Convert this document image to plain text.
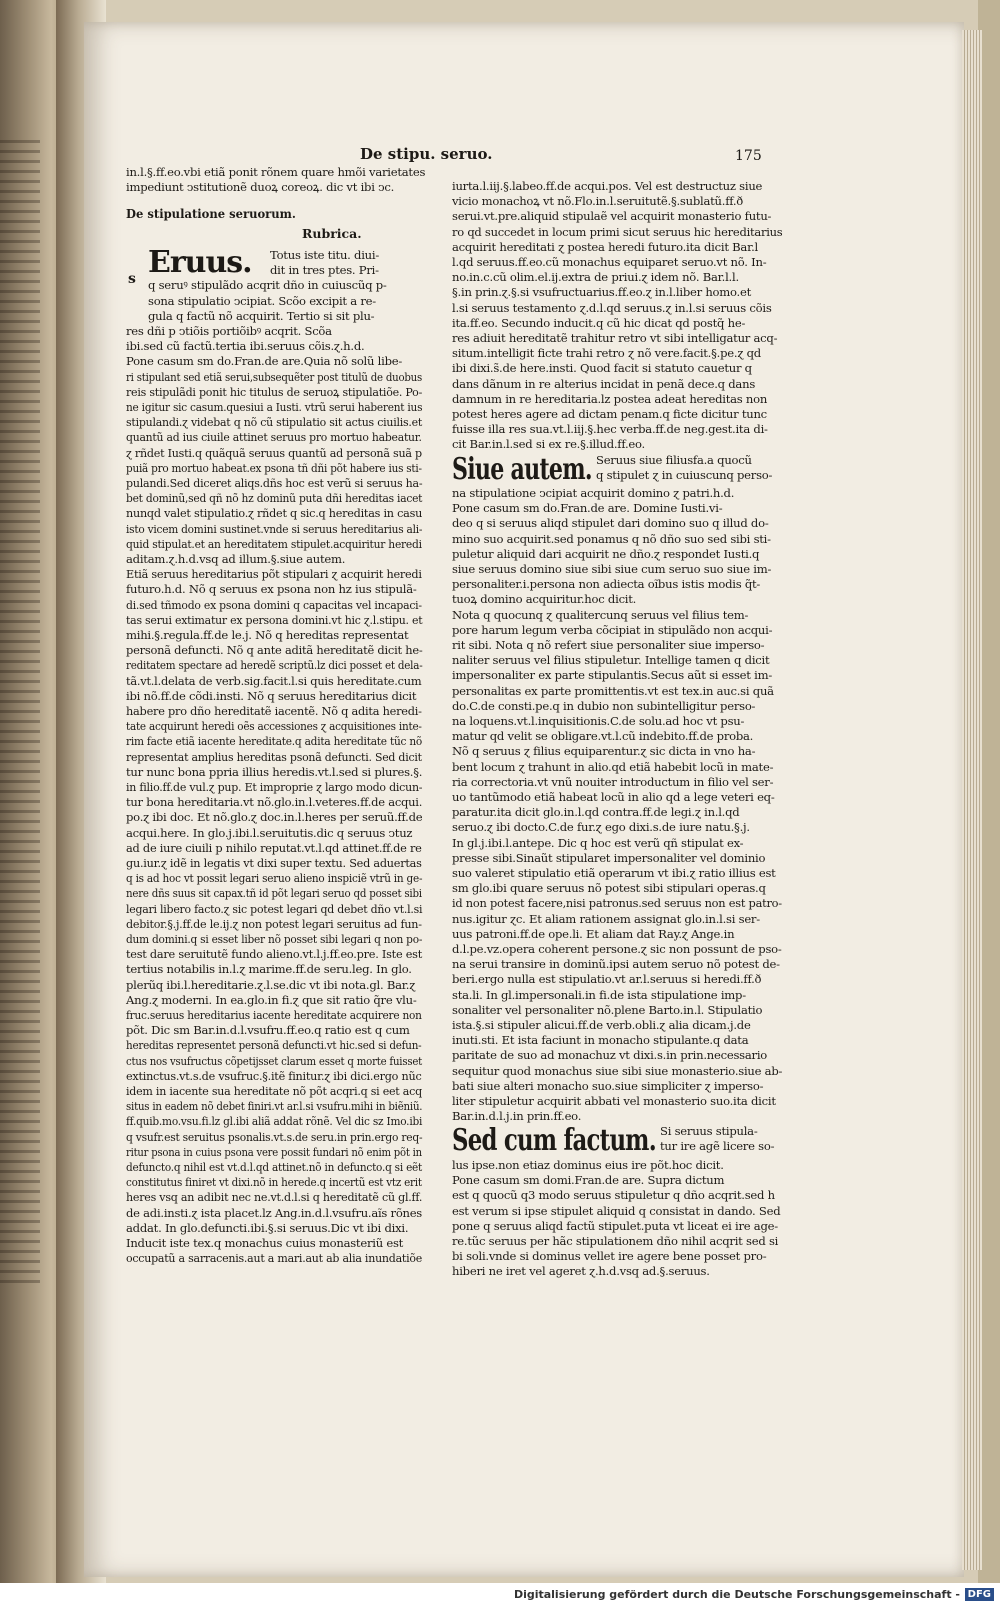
De stipu. seruo.	175
in.l.§.ff.eo.vbi etiã ponit rõnem quare hmõi varietates
impediunt ↄstitutionẽ duoꝝ coreoꝝ. dic vt ibi ↄc.
De stipulatione seruorum.
Rubrica.
Eruus.
s
Totus iste titu. diui-
dit in tres ptes. Pri-
q seruꝰ stipulãdo acqrit dño in cuiuscũq p-
sona stipulatio ↄcipiat. Scõo excipit a re-
gula q factũ nõ acquirit. Tertio si sit plu-
res dñi p ↄtiõis portiõibꝰ acqrit. Scõa
ibi.sed cũ factũ.tertia ibi.seruus cõis.ɀ.h.d.
Pone casum sm do.Fran.de are.Quia nõ solũ libe-
ri stipulant sed etiã serui,subsequẽter post titulũ de duobus
reis stipulãdi ponit hic titulus de seruoꝝ stipulatiõe. Po-
ne igitur sic casum.quesiui a Iusti. vtrũ serui haberent ius
stipulandi.ɀ videbat q nõ cũ stipulatio sit actus ciuilis.et
quantũ ad ius ciuile attinet seruus pro mortuo habeatur.
ɀ rñdet Iusti.q quãquã seruus quantũ ad personã suã p
puiã pro mortuo habeat.ex psona tñ dñi põt habere ius sti-
pulandi.Sed diceret aliqs.dñs hoc est verũ si seruus ha-
bet dominũ,sed qñ nõ hz dominũ puta dñi hereditas iacet
nunqd valet stipulatio.ɀ rñdet q sic.q hereditas in casu
isto vicem domini sustinet.vnde si seruus hereditarius ali-
quid stipulat.et an hereditatem stipulet.acquiritur heredi
aditam.ɀ.h.d.vsq ad illum.§.siue autem.
Etiã seruus hereditarius põt stipulari ɀ acquirit heredi
futuro.h.d. Nõ q seruus ex psona non hz ius stipulã-
di.sed tñmodo ex psona domini q capacitas vel incapaci-
tas serui extimatur ex persona domini.vt hic ɀ.l.stipu. et
mihi.§.regula.ff.de le.j. Nõ q hereditas representat
personã defuncti. Nõ q ante aditã hereditatẽ dicit he-
reditatem spectare ad heredẽ scriptũ.lz dici posset et dela-
tã.vt.l.delata de verb.sig.facit.l.si quis hereditate.cum
ibi nõ.ff.de cõdi.insti. Nõ q seruus hereditarius dicit
habere pro dño hereditatẽ iacentẽ. Nõ q adita heredi-
tate acquirunt heredi oẽs accessiones ɀ acquisitiones inte-
rim facte etiã iacente hereditate.q adita hereditate tũc nõ
representat amplius hereditas psonã defuncti. Sed dicit
tur nunc bona ppria illius heredis.vt.l.sed si plures.§.
in filio.ff.de vul.ɀ pup. Et improprie ɀ largo modo dicun-
tur bona hereditaria.vt nõ.glo.in.l.veteres.ff.de acqui.
po.ɀ ibi doc. Et nõ.glo.ɀ doc.in.l.heres per seruũ.ff.de
acqui.here. In glo.j.ibi.l.seruitutis.dic q seruus ↄtuz
ad de iure ciuili p nihilo reputat.vt.l.qd attinet.ff.de re
gu.iur.ɀ idẽ in legatis vt dixi super textu. Sed aduertas
q is ad hoc vt possit legari seruo alieno inspiciẽ vtrũ in ge-
nere dñs suus sit capax.tñ id põt legari seruo qd posset sibi
legari libero facto.ɀ sic potest legari qd debet dño vt.l.si
debitor.§.j.ff.de le.ij.ɀ non potest legari seruitus ad fun-
dum domini.q si esset liber nõ posset sibi legari q non po-
test dare seruitutẽ fundo alieno.vt.l.j.ff.eo.pre. Iste est
tertius notabilis in.l.ɀ marime.ff.de seru.leg. In glo.
plerũq ibi.l.hereditarie.ɀ.l.se.dic vt ibi nota.gl. Bar.ɀ
Ang.ɀ moderni. In ea.glo.in fi.ɀ que sit ratio q̃re vlu-
fruc.seruus hereditarius iacente hereditate acquirere non
põt. Dic sm Bar.in.d.l.vsufru.ff.eo.q ratio est q cum
hereditas representet personã defuncti.vt hic.sed si defun-
ctus nos vsufructus cõpetijsset clarum esset q morte fuisset
extinctus.vt.s.de vsufruc.§.itẽ finitur.ɀ ibi dici.ergo nũc
idem in iacente sua hereditate nõ põt acqri.q si eet acq
situs in eadem nõ debet finiri.vt ar.l.si vsufru.mihi in biẽniũ.
ff.quib.mo.vsu.fi.lz gl.ibi aliã addat rõnẽ. Vel dic sz Imo.ibi
q vsufr.est seruitus psonalis.vt.s.de seru.in prin.ergo req-
ritur psona in cuius psona vere possit fundari nõ enim põt in
defuncto.q nihil est vt.d.l.qd attinet.nõ in defuncto.q si eẽt
constitutus finiret vt dixi.nõ in herede.q incertũ est vtz erit
heres vsq an adibit nec ne.vt.d.l.si q hereditatẽ cũ gl.ff.
de adi.insti.ɀ ista placet.lz Ang.in.d.l.vsufru.aĩs rõnes
addat. In glo.defuncti.ibi.§.si seruus.Dic vt ibi dixi.
Inducit iste tex.q monachus cuius monasteriũ est
occupatũ a sarracenis.aut a mari.aut ab alia inundatiõe
iurta.l.iij.§.labeo.ff.de acqui.pos. Vel est destructuz siue
vicio monachoꝝ vt nõ.Flo.in.l.seruitutẽ.§.sublatũ.ff.ð
serui.vt.pre.aliquid stipulaẽ vel acquirit monasterio futu-
ro qd succedet in locum primi sicut seruus hic hereditarius
acquirit hereditati ɀ postea heredi futuro.ita dicit Bar.l
l.qd seruus.ff.eo.cũ monachus equiparet seruo.vt nõ. In-
no.in.c.cũ olim.el.ij.extra de priui.ɀ idem nõ. Bar.l.l.
§.in prin.ɀ.§.si vsufructuarius.ff.eo.ɀ in.l.liber homo.et
l.si seruus testamento ɀ.d.l.qd seruus.ɀ in.l.si seruus cõis
ita.ff.eo. Secundo inducit.q cũ hic dicat qd postq̃ he-
res adiuit hereditatẽ trahitur retro vt sibi intelligatur acq-
situm.intelligit ficte trahi retro ɀ nõ vere.facit.§.pe.ɀ qd
ibi dixi.s̃.de here.insti. Quod facit si statuto cauetur q
dans dãnum in re alterius incidat in penã dece.q dans
damnum in re hereditaria.lz postea adeat hereditas non
potest heres agere ad dictam penam.q ficte dicitur tunc
fuisse illa res sua.vt.l.iij.§.hec verba.ff.de neg.gest.ita di-
cit Bar.in.l.sed si ex re.§.illud.ff.eo.
Siue autem. Seruus siue filiusfa.a quocũ
q stipulet ɀ in cuiuscunq perso-
na stipulatione ↄcipiat acquirit domino ɀ patri.h.d.
Pone casum sm do.Fran.de are. Domine Iusti.vi-
deo q si seruus aliqd stipulet dari domino suo q illud do-
mino suo acquirit.sed ponamus q nõ dño suo sed sibi sti-
puletur aliquid dari acquirit ne dño.ɀ respondet Iusti.q
siue seruus domino siue sibi siue cum seruo suo siue im-
personaliter.i.persona non adiecta oĩbus istis modis q̃t-
tuoꝝ domino acquiritur.hoc dicit.
Nota q quocunq ɀ qualitercunq seruus vel filius tem-
pore harum legum verba cõcipiat in stipulãdo non acqui-
rit sibi. Nota q nõ refert siue personaliter siue imperso-
naliter seruus vel filius stipuletur. Intellige tamen q dicit
impersonaliter ex parte stipulantis.Secus aũt si esset im-
personalitas ex parte promittentis.vt est tex.in auc.si quã
do.C.de consti.pe.q in dubio non subintelligitur perso-
na loquens.vt.l.inquisitionis.C.de solu.ad hoc vt psu-
matur qd velit se obligare.vt.l.cũ indebito.ff.de proba.
Nõ q seruus ɀ filius equiparentur.ɀ sic dicta in vno ha-
bent locum ɀ trahunt in alio.qd etiã habebit locũ in mate-
ria correctoria.vt vnũ nouiter introductum in filio vel ser-
uo tantũmodo etiã habeat locũ in alio qd a lege veteri eq-
paratur.ita dicit glo.in.l.qd contra.ff.de legi.ɀ in.l.qd
seruo.ɀ ibi docto.C.de fur.ɀ ego dixi.s.de iure natu.§.j.
In gl.j.ibi.l.antepe. Dic q hoc est verũ qñ stipulat ex-
presse sibi.Sinaũt stipularet impersonaliter vel dominio
suo valeret stipulatio etiã operarum vt ibi.ɀ ratio illius est
sm glo.ibi quare seruus nõ potest sibi stipulari operas.q
id non potest facere,nisi patronus.sed seruus non est patro-
nus.igitur ɀc. Et aliam rationem assignat glo.in.l.si ser-
uus patroni.ff.de ope.li. Et aliam dat Ray.ɀ Ange.in
d.l.pe.vz.opera coherent persone.ɀ sic non possunt de pso-
na serui transire in dominũ.ipsi autem seruo nõ potest de-
beri.ergo nulla est stipulatio.vt ar.l.seruus si heredi.ff.ð
sta.li. In gl.impersonali.in fi.de ista stipulatione imp-
sonaliter vel personaliter nõ.plene Barto.in.l. Stipulatio
ista.§.si stipuler alicui.ff.de verb.obli.ɀ alia dicam.j.de
inuti.sti. Et ista faciunt in monacho stipulante.q data
paritate de suo ad monachuz vt dixi.s.in prin.necessario
sequitur quod monachus siue sibi siue monasterio.siue ab-
bati siue alteri monacho suo.siue simpliciter ɀ imperso-
liter stipuletur acquirit abbati vel monasterio suo.ita dicit
Bar.in.d.l.j.in prin.ff.eo.
Sed cum factum. Si seruus stipula-
tur ire agẽ licere so-
lus ipse.non etiaz dominus eius ire põt.hoc dicit.
Pone casum sm domi.Fran.de are. Supra dictum
est q quocũ q3 modo seruus stipuletur q dño acqrit.sed h
est verum si ipse stipulet aliquid q consistat in dando. Sed
pone q seruus aliqd factũ stipulet.puta vt liceat ei ire age-
re.tũc seruus per hãc stipulationem dño nihil acqrit sed si
bi soli.vnde si dominus vellet ire agere bene posset pro-
hiberi ne iret vel ageret ɀ.h.d.vsq ad.§.seruus.
Digitalisierung gefördert durch die Deutsche Forschungsgemeinschaft - DFG
